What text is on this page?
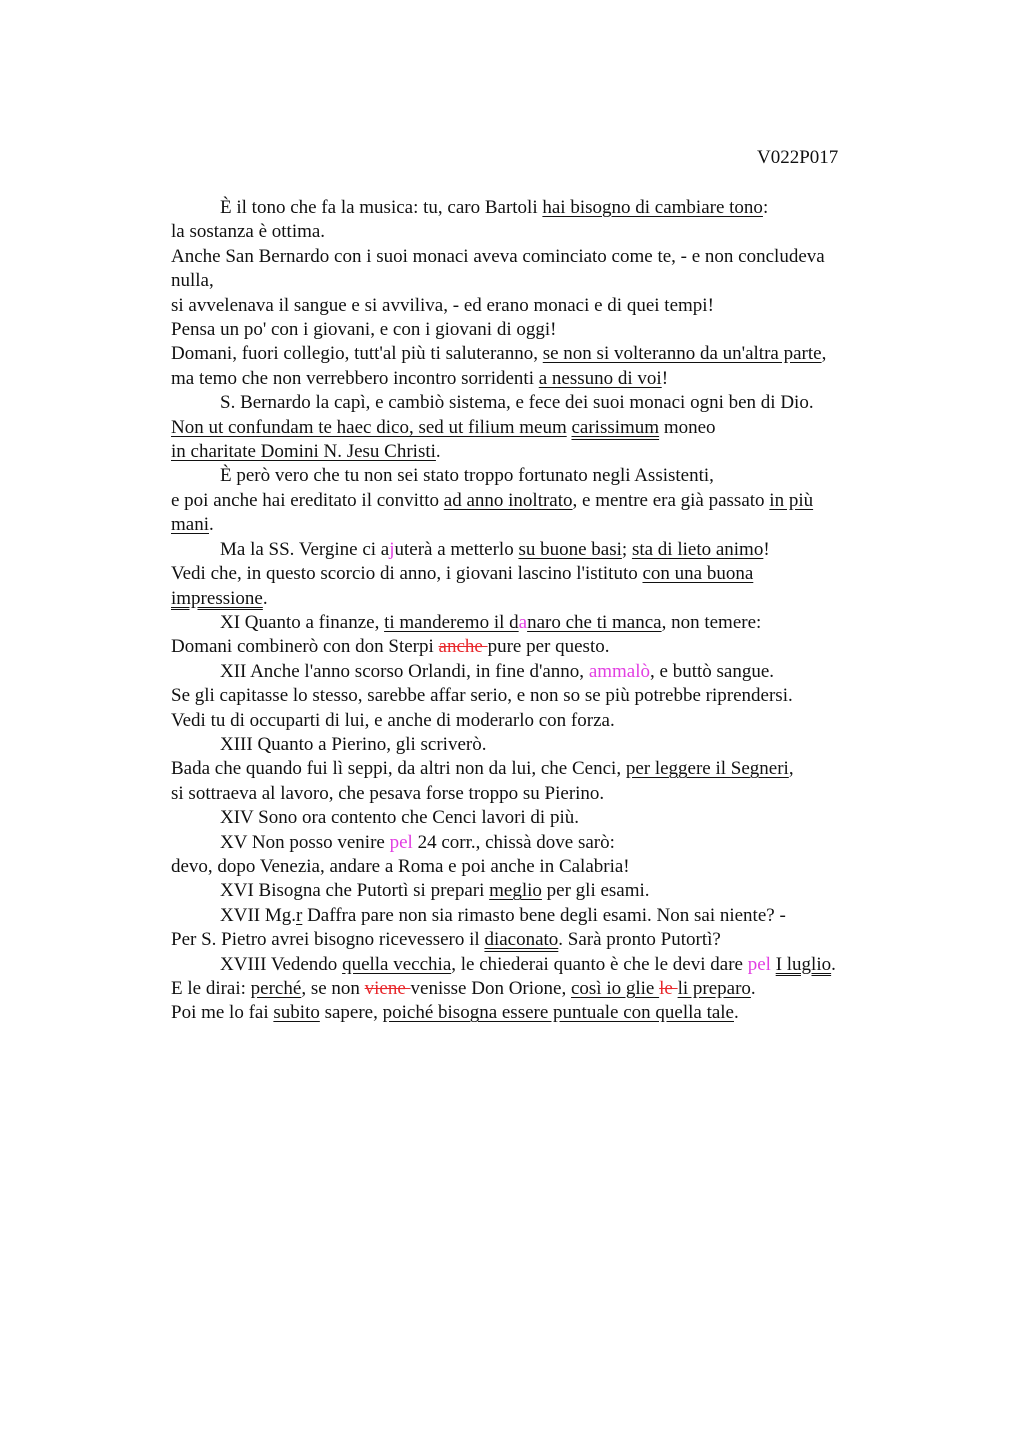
V022P017
È il tono che fa la musica: tu, caro Bartoli hai bisogno di cambiare tono:
la sostanza è ottima.
Anche San Bernardo con i suoi monaci aveva cominciato come te, - e non concludeva
nulla,
si avvelenava il sangue e si avviliva, - ed erano monaci e di quei tempi!
Pensa un po' con i giovani, e con i giovani di oggi!
Domani, fuori collegio, tutt'al più ti saluteranno, se non si volteranno da un'altra parte,
ma temo che non verrebbero incontro sorridenti a nessuno di voi!
S. Bernardo la capì, e cambiò sistema, e fece dei suoi monaci ogni ben di Dio.
Non ut confundam te haec dico, sed ut filium meum carissimum moneo
in charitate Domini N. Jesu Christi.
È però vero che tu non sei stato troppo fortunato negli Assistenti,
e poi anche hai ereditato il convitto ad anno inoltrato, e mentre era già passato in più
mani.
Ma la SS. Vergine ci ajuterà a metterlo su buone basi; sta di lieto animo!
Vedi che, in questo scorcio di anno, i giovani lascino l'istituto con una buona
impressione.
XI Quanto a finanze, ti manderemo il danaro che ti manca, non temere:
Domani combinerò con don Sterpi anche pure per questo.
XII Anche l'anno scorso Orlandi, in fine d'anno, ammalò, e buttò sangue.
Se gli capitasse lo stesso, sarebbe affar serio, e non so se più potrebbe riprendersi.
Vedi tu di occuparti di lui, e anche di moderarlo con forza.
XIII Quanto a Pierino, gli scriverò.
Bada che quando fui lì seppi, da altri non da lui, che Cenci, per leggere il Segneri,
si sottraeva al lavoro, che pesava forse troppo su Pierino.
XIV Sono ora contento che Cenci lavori di più.
XV Non posso venire pel 24 corr., chissà dove sarò:
devo, dopo Venezia, andare a Roma e poi anche in Calabria!
XVI Bisogna che Putortì si prepari meglio per gli esami.
XVII Mg.r Daffra pare non sia rimasto bene degli esami. Non sai niente? -
Per S. Pietro avrei bisogno ricevessero il diaconato. Sarà pronto Putortì?
XVIII Vedendo quella vecchia, le chiederai quanto è che le devi dare pel I luglio.
E le dirai: perché, se non viene venisse Don Orione, così io glie le li preparo.
Poi me lo fai subito sapere, poiché bisogna essere puntuale con quella tale.
